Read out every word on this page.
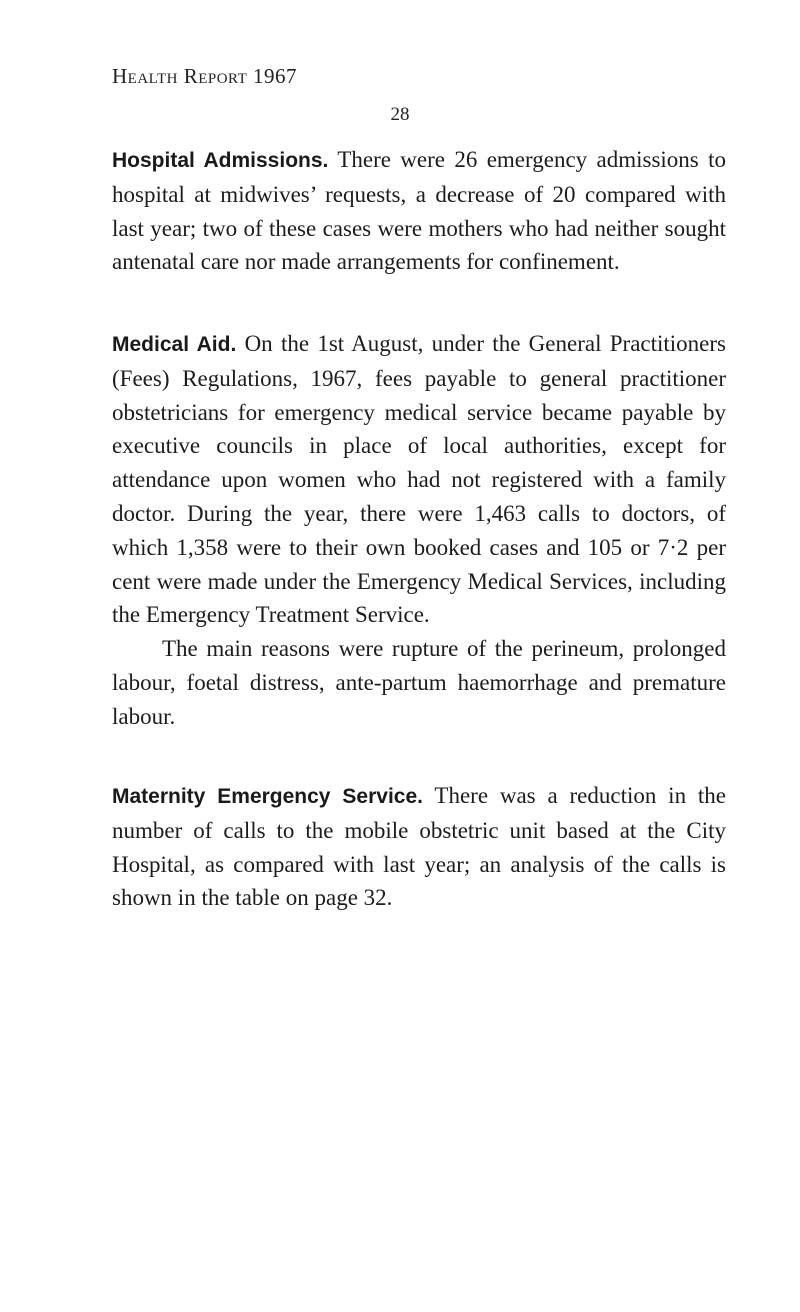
Health Report 1967
28

Hospital Admissions. There were 26 emergency admissions to hospital at midwives’ requests, a decrease of 20 compared with last year; two of these cases were mothers who had neither sought antenatal care nor made arrangements for confinement.

Medical Aid. On the 1st August, under the General Practitioners (Fees) Regulations, 1967, fees payable to general practitioner obstetricians for emergency medical service became payable by executive councils in place of local authorities, except for attendance upon women who had not registered with a family doctor. During the year, there were 1,463 calls to doctors, of which 1,358 were to their own booked cases and 105 or 7·2 per cent were made under the Emergency Medical Services, including the Emergency Treatment Service.

The main reasons were rupture of the perineum, prolonged labour, foetal distress, ante-partum haemorrhage and premature labour.

Maternity Emergency Service. There was a reduction in the number of calls to the mobile obstetric unit based at the City Hospital, as compared with last year; an analysis of the calls is shown in the table on page 32.
